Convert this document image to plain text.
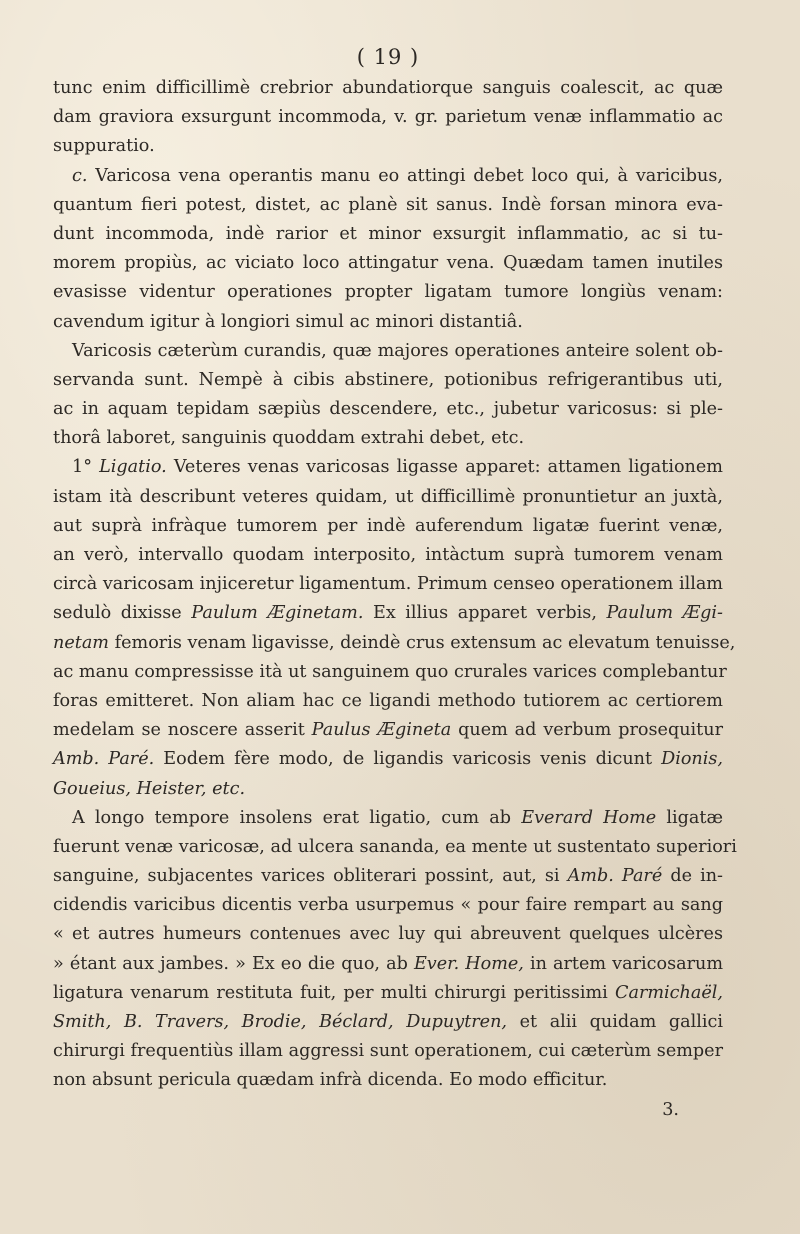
( 19 )
tunc enim difficillimè crebrior abundatiorque sanguis coalescit, ac quæ
dam graviora exsurgunt incommoda, v. gr. parietum venæ inflammatio ac
suppuratio.
c. Varicosa vena operantis manu eo attingi debet loco qui, à varicibus,
quantum fieri potest, distet, ac planè sit sanus. Indè forsan minora eva-
dunt incommoda, indè rarior et minor exsurgit inflammatio, ac si tu-
morem propiùs, ac viciato loco attingatur vena. Quædam tamen inutiles
evasisse videntur operationes propter ligatam tumore longiùs venam:
cavendum igitur à longiori simul ac minori distantiâ.
Varicosis cæterùm curandis, quæ majores operationes anteire solent ob-
servanda sunt. Nempè à cibis abstinere, potionibus refrigerantibus uti,
ac in aquam tepidam sæpiùs descendere, etc., jubetur varicosus: si ple-
thorâ laboret, sanguinis quoddam extrahi debet, etc.
1° Ligatio. Veteres venas varicosas ligasse apparet: attamen ligationem
istam ità describunt veteres quidam, ut difficillimè pronuntietur an juxtà,
aut suprà infràque tumorem per indè auferendum ligatæ fuerint venæ,
an verò, intervallo quodam interposito, intàctum suprà tumorem venam
circà varicosam injiceretur ligamentum. Primum censeo operationem illam
sedulò dixisse Paulum Æginetam. Ex illius apparet verbis, Paulum Ægi-
netam femoris venam ligavisse, deindè crus extensum ac elevatum tenuisse,
ac manu compressisse ità ut sanguinem quo crurales varices complebantur
foras emitteret. Non aliam hac ce ligandi methodo tutiorem ac certiorem
medelam se noscere asserit Paulus Ægineta quem ad verbum prosequitur
Amb. Paré. Eodem fère modo, de ligandis varicosis venis dicunt Dionis,
Goueius, Heister, etc.
A longo tempore insolens erat ligatio, cum ab Everard Home ligatæ
fuerunt venæ varicosæ, ad ulcera sananda, ea mente ut sustentato superiori
sanguine, subjacentes varices obliterari possint, aut, si Amb. Paré de in-
cidendis varicibus dicentis verba usurpemus « pour faire rempart au sang
« et autres humeurs contenues avec luy qui abreuvent quelques ulcères
» étant aux jambes. » Ex eo die quo, ab Ever. Home, in artem varicosarum
ligatura venarum restituta fuit, per multi chirurgi peritissimi Carmichaël,
Smith, B. Travers, Brodie, Béclard, Dupuytren, et alii quidam gallici
chirurgi frequentiùs illam aggressi sunt operationem, cui cæterùm semper
non absunt pericula quædam infrà dicenda. Eo modo efficitur.
3.
